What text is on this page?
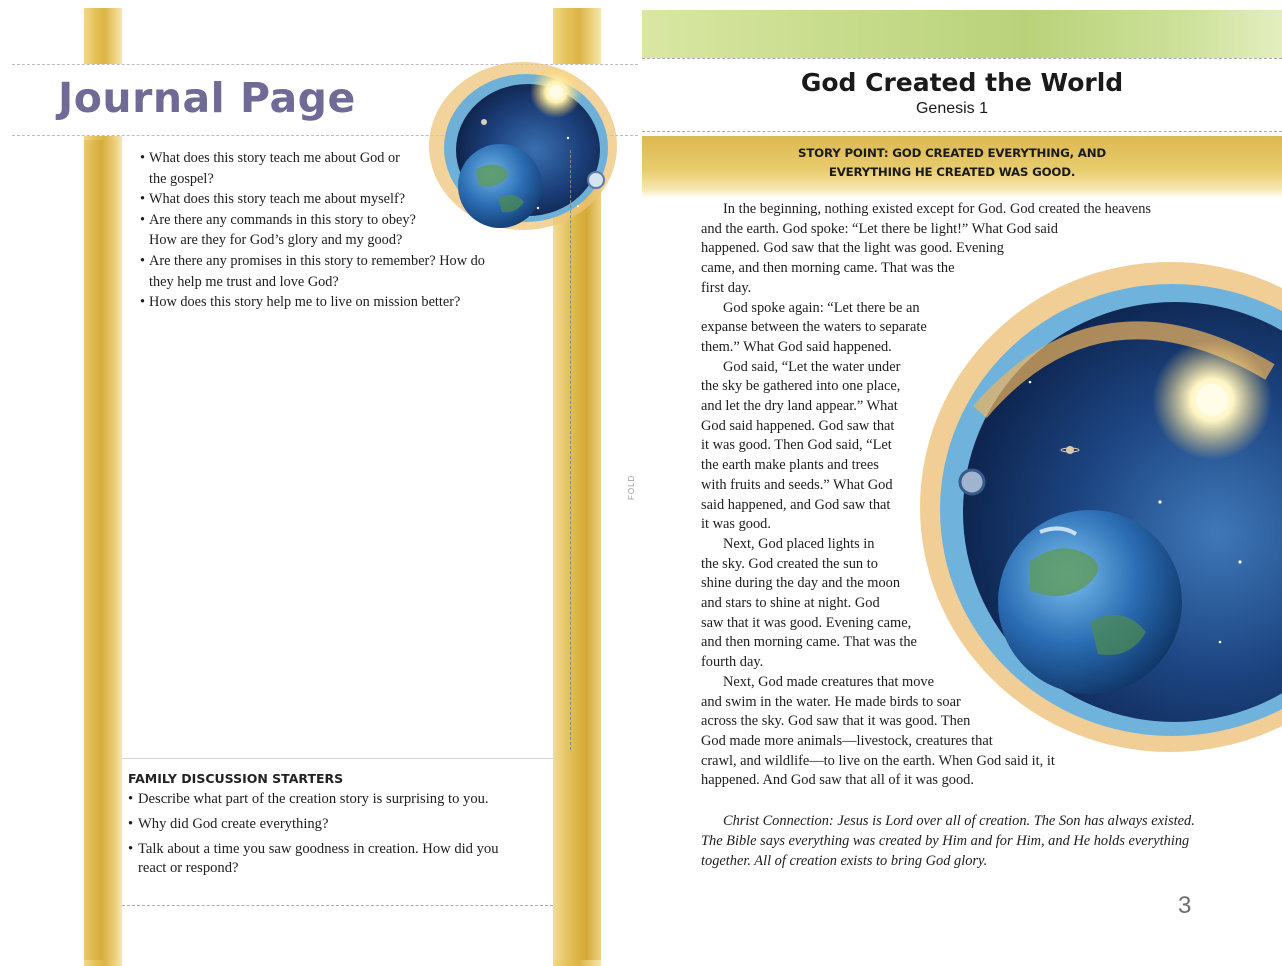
Journal Page
• What does this story teach me about God or the gospel?
• What does this story teach me about myself?
• Are there any commands in this story to obey? How are they for God’s glory and my good?
• Are there any promises in this story to remember? How do they help me trust and love God?
• How does this story help me to live on mission better?
FOLD
FAMILY DISCUSSION STARTERS
• Describe what part of the creation story is surprising to you.
• Why did God create everything?
• Talk about a time you saw goodness in creation. How did you react or respond?
God Created the World
Genesis 1
STORY POINT: GOD CREATED EVERYTHING, AND EVERYTHING HE CREATED WAS GOOD.
In the beginning, nothing existed except for God. God created the heavens
and the earth. God spoke: “Let there be light!” What God said
happened. God saw that the light was good. Evening
came, and then morning came. That was the
first day.
God spoke again: “Let there be an
expanse between the waters to separate
them.” What God said happened.
God said, “Let the water under
the sky be gathered into one place,
and let the dry land appear.” What
God said happened. God saw that
it was good. Then God said, “Let
the earth make plants and trees
with fruits and seeds.” What God
said happened, and God saw that
it was good.
Next, God placed lights in
the sky. God created the sun to
shine during the day and the moon
and stars to shine at night. God
saw that it was good. Evening came,
and then morning came. That was the
fourth day.
Next, God made creatures that move
and swim in the water. He made birds to soar
across the sky. God saw that it was good. Then
God made more animals—livestock, creatures that
crawl, and wildlife—to live on the earth. When God said it, it
happened. And God saw that all of it was good.
Christ Connection: Jesus is Lord over all of creation. The Son has always existed.
The Bible says everything was created by Him and for Him, and He holds everything
together. All of creation exists to bring God glory.
3
